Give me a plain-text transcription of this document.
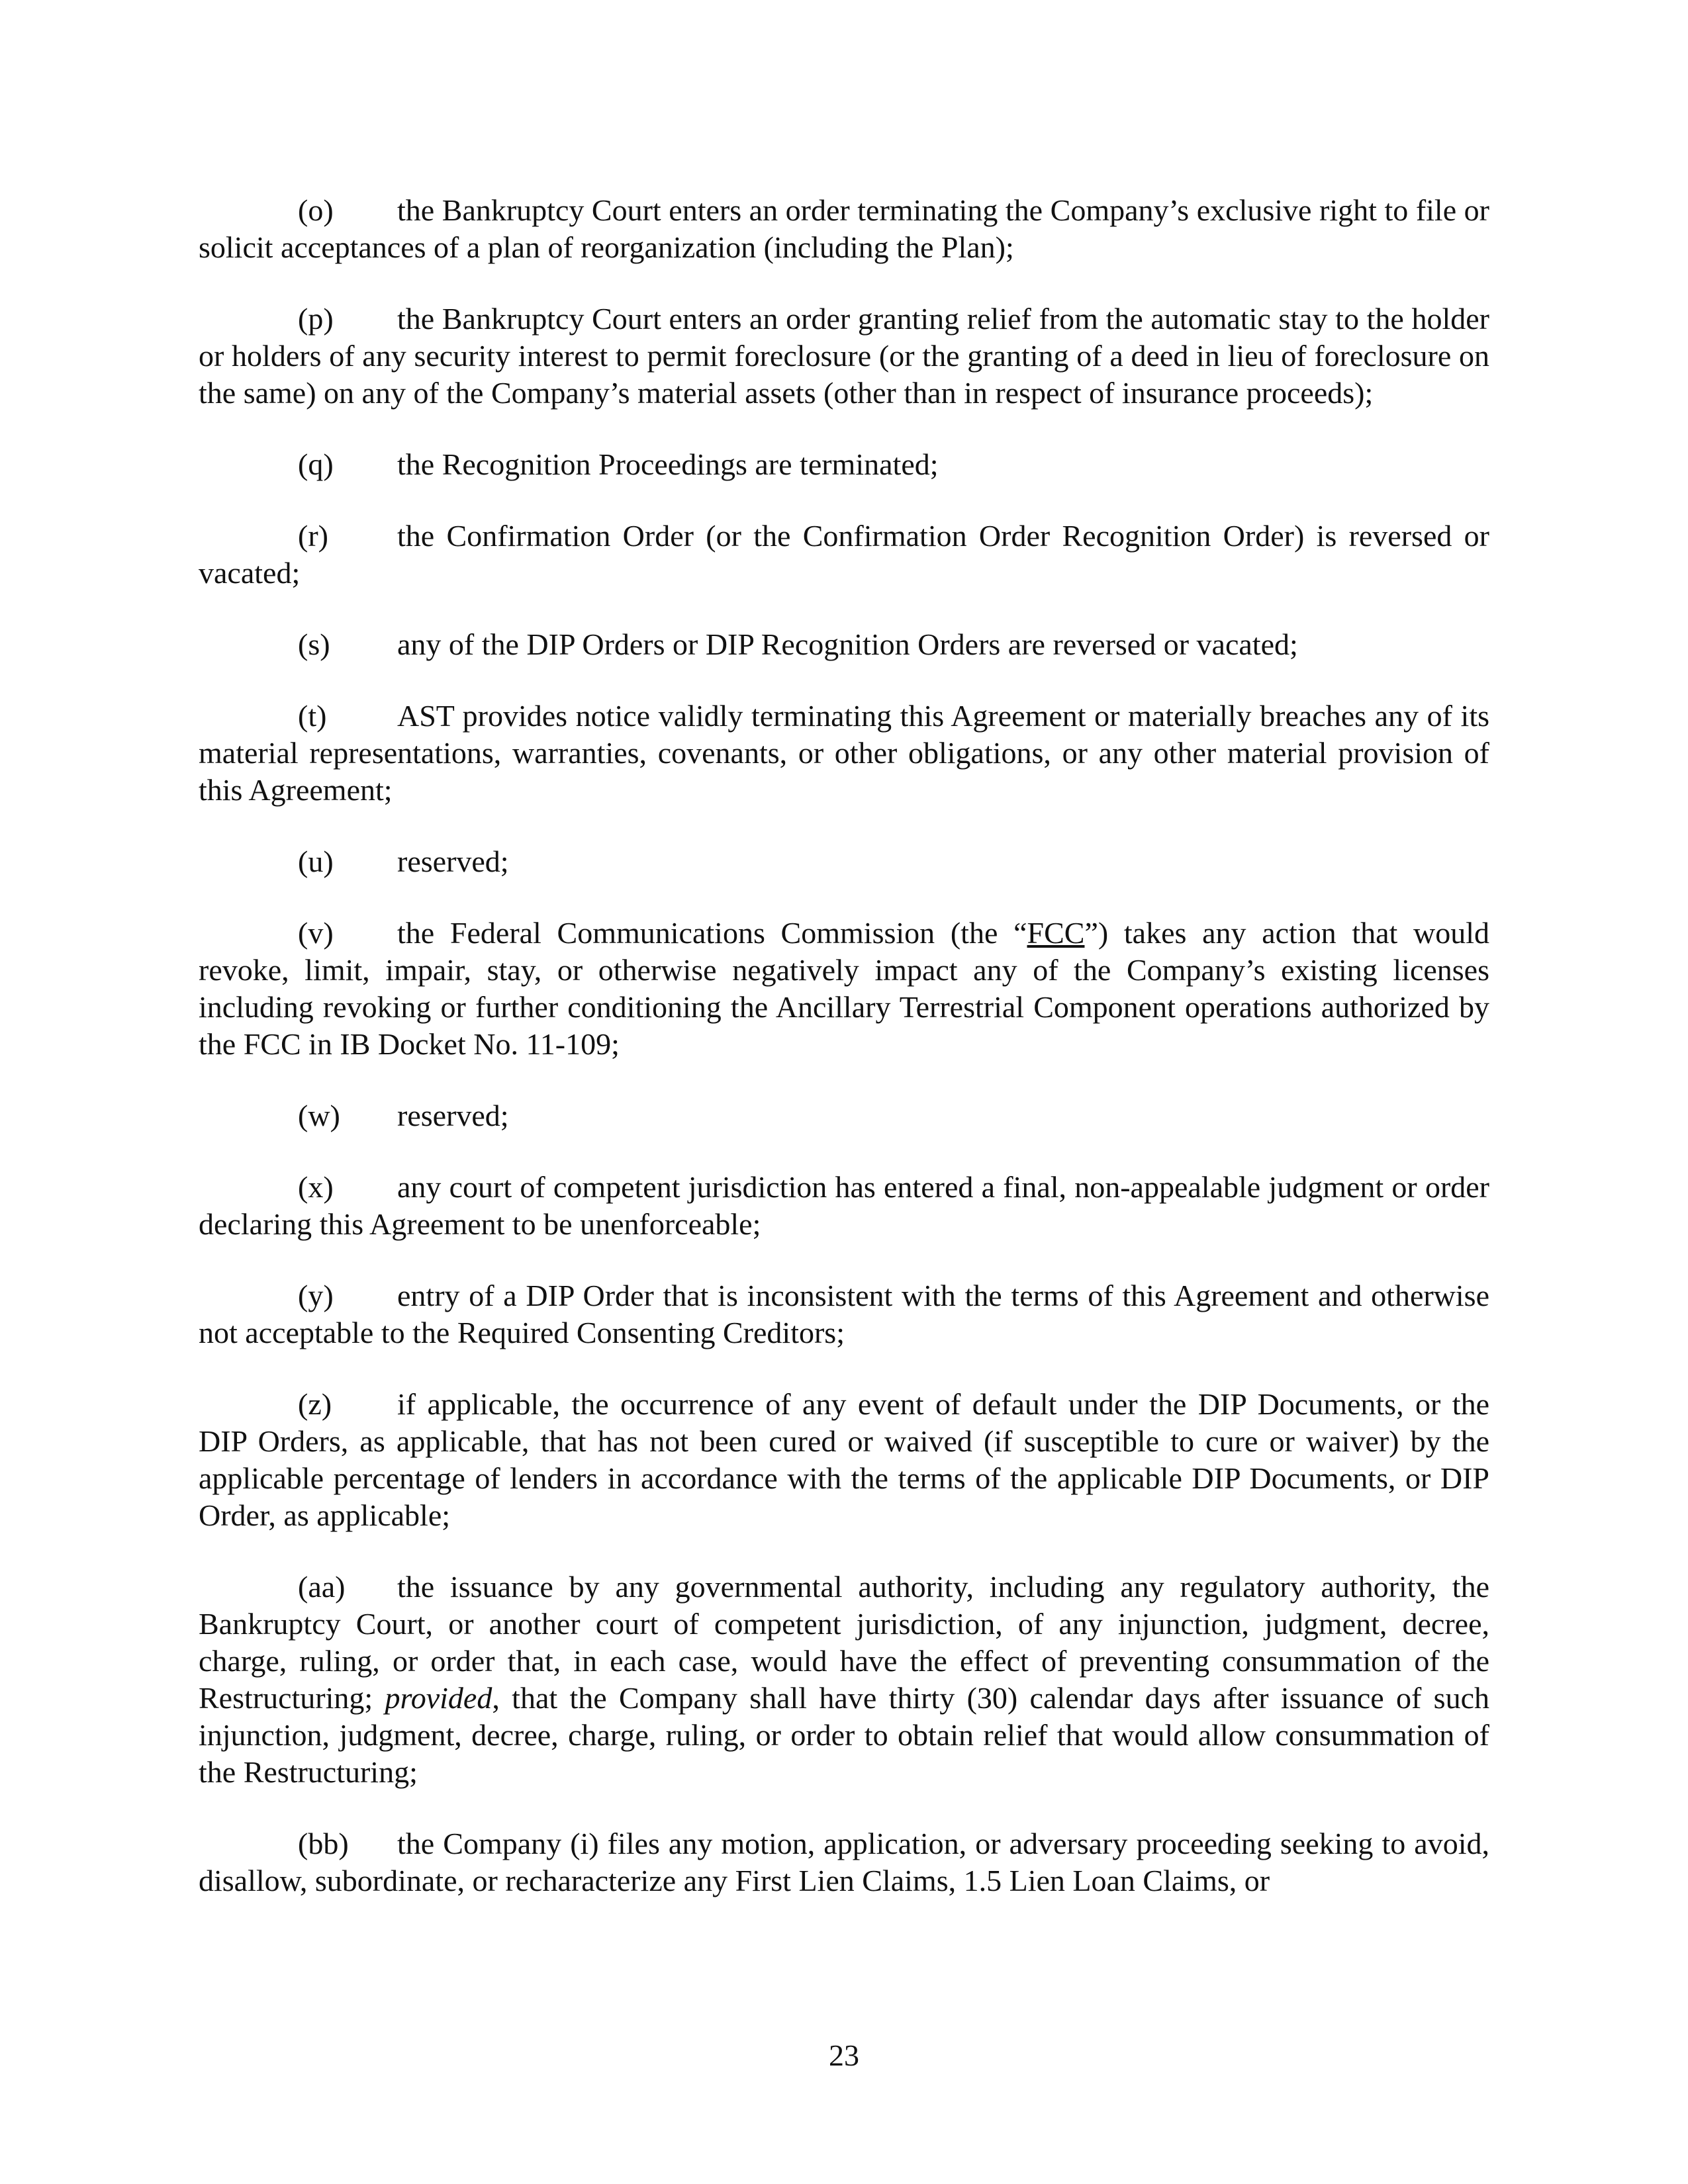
(o) the Bankruptcy Court enters an order terminating the Company’s exclusive right to file or solicit acceptances of a plan of reorganization (including the Plan);

(p) the Bankruptcy Court enters an order granting relief from the automatic stay to the holder or holders of any security interest to permit foreclosure (or the granting of a deed in lieu of foreclosure on the same) on any of the Company’s material assets (other than in respect of insurance proceeds);

(q) the Recognition Proceedings are terminated;

(r) the Confirmation Order (or the Confirmation Order Recognition Order) is reversed or vacated;

(s) any of the DIP Orders or DIP Recognition Orders are reversed or vacated;

(t) AST provides notice validly terminating this Agreement or materially breaches any of its material representations, warranties, covenants, or other obligations, or any other material provision of this Agreement;

(u) reserved;

(v) the Federal Communications Commission (the “FCC”) takes any action that would revoke, limit, impair, stay, or otherwise negatively impact any of the Company’s existing licenses including revoking or further conditioning the Ancillary Terrestrial Component operations authorized by the FCC in IB Docket No. 11-109;

(w) reserved;

(x) any court of competent jurisdiction has entered a final, non-appealable judgment or order declaring this Agreement to be unenforceable;

(y) entry of a DIP Order that is inconsistent with the terms of this Agreement and otherwise not acceptable to the Required Consenting Creditors;

(z) if applicable, the occurrence of any event of default under the DIP Documents, or the DIP Orders, as applicable, that has not been cured or waived (if susceptible to cure or waiver) by the applicable percentage of lenders in accordance with the terms of the applicable DIP Documents, or DIP Order, as applicable;

(aa) the issuance by any governmental authority, including any regulatory authority, the Bankruptcy Court, or another court of competent jurisdiction, of any injunction, judgment, decree, charge, ruling, or order that, in each case, would have the effect of preventing consummation of the Restructuring; provided, that the Company shall have thirty (30) calendar days after issuance of such injunction, judgment, decree, charge, ruling, or order to obtain relief that would allow consummation of the Restructuring;

(bb) the Company (i) files any motion, application, or adversary proceeding seeking to avoid, disallow, subordinate, or recharacterize any First Lien Claims, 1.5 Lien Loan Claims, or

23
